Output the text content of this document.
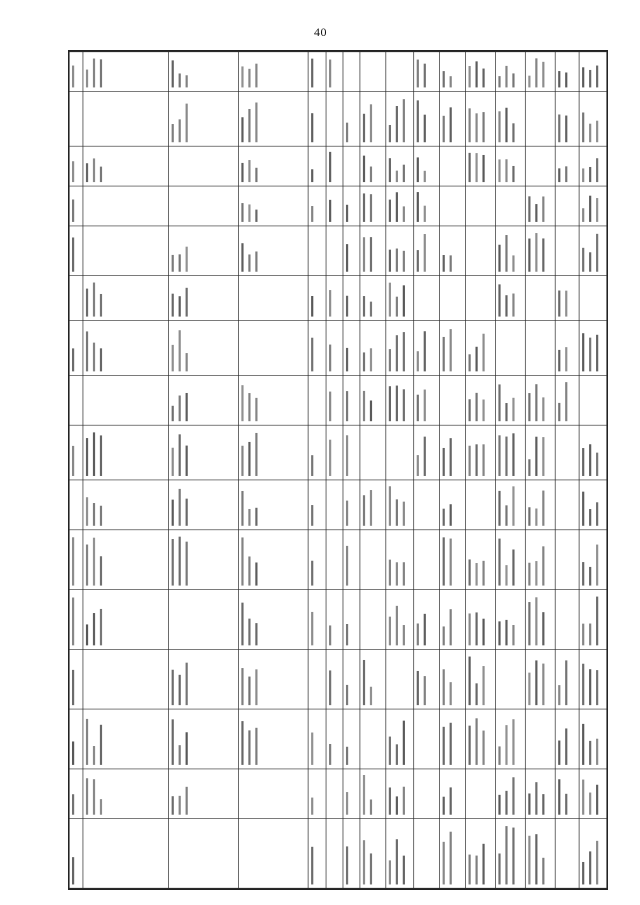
40
